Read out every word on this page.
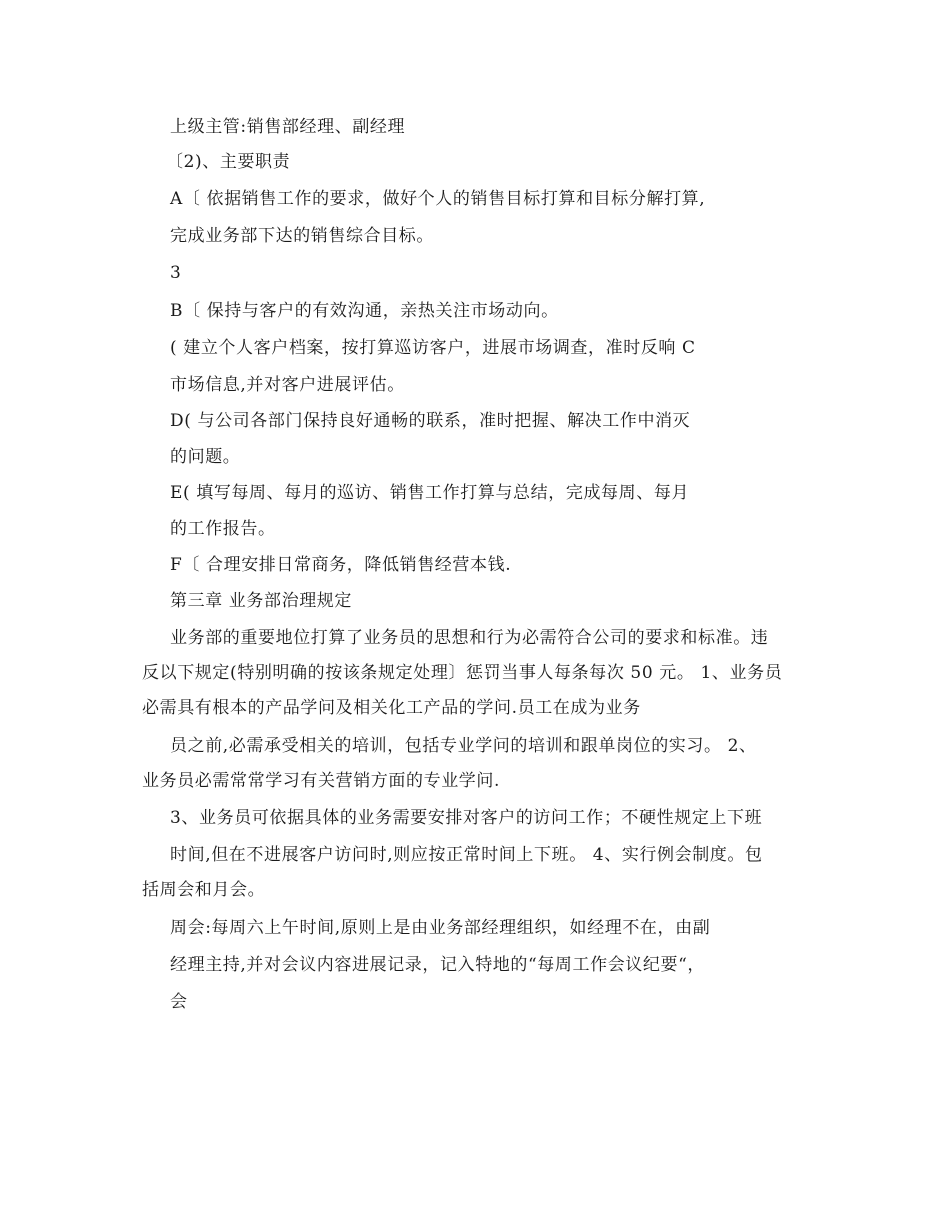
上级主管:销售部经理、副经理
〔2)、主要职责
A〔 依据销售工作的要求，做好个人的销售目标打算和目标分解打算,
完成业务部下达的销售综合目标。
3
B〔 保持与客户的有效沟通，亲热关注市场动向。
( 建立个人客户档案，按打算巡访客户，进展市场调查，准时反响 C
市场信息,并对客户进展评估。
D( 与公司各部门保持良好通畅的联系，准时把握、解决工作中消灭
的问题。
E( 填写每周、每月的巡访、销售工作打算与总结，完成每周、每月
的工作报告。
F〔 合理安排日常商务，降低销售经营本钱.
第三章 业务部治理规定
业务部的重要地位打算了业务员的思想和行为必需符合公司的要求和标准。违
反以下规定(特别明确的按该条规定处理〕惩罚当事人每条每次 50 元。 1、业务员
必需具有根本的产品学问及相关化工产品的学问.员工在成为业务
员之前,必需承受相关的培训，包括专业学问的培训和跟单岗位的实习。 2、
业务员必需常常学习有关营销方面的专业学问.
3、业务员可依据具体的业务需要安排对客户的访问工作；不硬性规定上下班
时间,但在不进展客户访问时,则应按正常时间上下班。 4、实行例会制度。包
括周会和月会。
周会:每周六上午时间,原则上是由业务部经理组织，如经理不在，由副
经理主持,并对会议内容进展记录，记入特地的“每周工作会议纪要“，
会
